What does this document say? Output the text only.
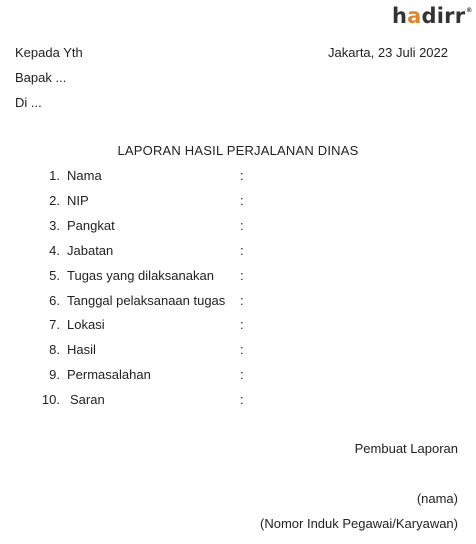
hadirr®
Kepada Yth	Jakarta, 23 Juli 2022
Bapak ...
Di ...
LAPORAN HASIL PERJALANAN DINAS
1. Nama	:
2. NIP	:
3. Pangkat	:
4. Jabatan	:
5. Tugas yang dilaksanakan :
6. Tanggal pelaksanaan tugas :
7. Lokasi	:
8. Hasil	:
9. Permasalahan	:
10. Saran	:
Pembuat Laporan
(nama)
(Nomor Induk Pegawai/Karyawan)
